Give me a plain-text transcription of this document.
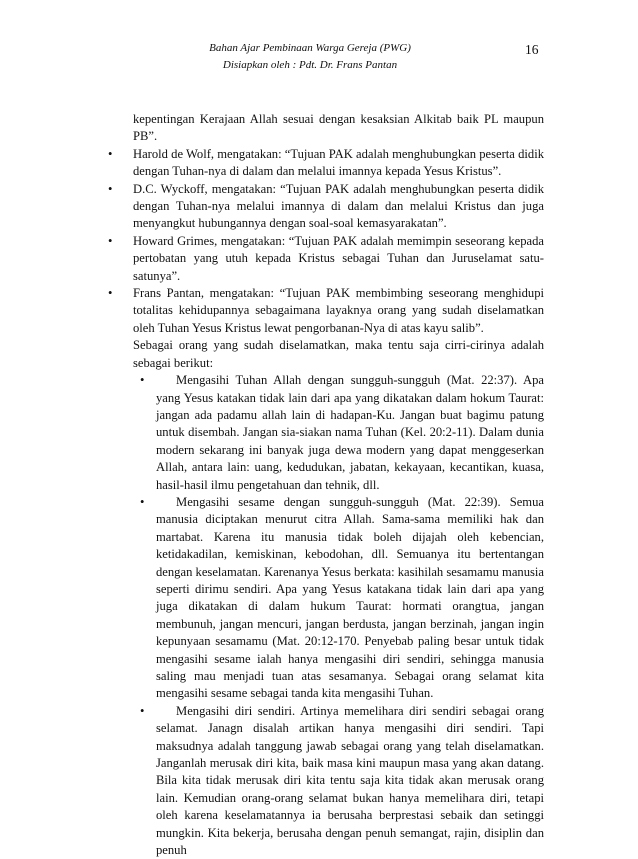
Bahan Ajar Pembinaan Warga Gereja (PWG)
Disiapkan oleh : Pdt. Dr. Frans Pantan
16

kepentingan Kerajaan Allah sesuai dengan kesaksian Alkitab baik PL maupun PB”.

• Harold de Wolf, mengatakan: “Tujuan PAK adalah menghubungkan peserta didik dengan Tuhan-nya di dalam dan melalui imannya kepada Yesus Kristus”.
• D.C. Wyckoff, mengatakan: “Tujuan PAK adalah menghubungkan peserta didik dengan Tuhan-nya melalui imannya di dalam dan melalui Kristus dan juga menyangkut hubungannya dengan soal-soal kemasyarakatan”.
• Howard Grimes, mengatakan: “Tujuan PAK adalah memimpin seseorang kepada pertobatan yang utuh kepada Kristus sebagai Tuhan dan Juruselamat satu-satunya”.
• Frans Pantan, mengatakan: “Tujuan PAK membimbing seseorang menghidupi totalitas kehidupannya sebagaimana layaknya orang yang sudah diselamatkan oleh Tuhan Yesus Kristus lewat pengorbanan-Nya di atas kayu salib”.

Sebagai orang yang sudah diselamatkan, maka tentu saja cirri-cirinya adalah sebagai berikut:

•	Mengasihi Tuhan Allah dengan sungguh-sungguh (Mat. 22:37). Apa yang Yesus katakan tidak lain dari apa yang dikatakan dalam hokum Taurat: jangan ada padamu allah lain di hadapan-Ku. Jangan buat bagimu patung untuk disembah. Jangan sia-siakan nama Tuhan (Kel. 20:2-11). Dalam dunia modern sekarang ini banyak juga dewa modern yang dapat menggeserkan Allah, antara lain: uang, kedudukan, jabatan, kekayaan, kecantikan, kuasa, hasil-hasil ilmu pengetahuan dan tehnik, dll.
•	Mengasihi sesame dengan sungguh-sungguh (Mat. 22:39). Semua manusia diciptakan menurut citra Allah. Sama-sama memiliki hak dan martabat. Karena itu manusia tidak boleh dijajah oleh kebencian, ketidakadilan, kemiskinan, kebodohan, dll. Semuanya itu bertentangan dengan keselamatan. Karenanya Yesus berkata: kasihilah sesamamu manusia seperti dirimu sendiri. Apa yang Yesus katakana tidak lain dari apa yang juga dikatakan di dalam hukum Taurat: hormati orangtua, jangan membunuh, jangan mencuri, jangan berdusta, jangan berzinah, jangan ingin kepunyaan sesamamu (Mat. 20:12-170. Penyebab paling besar untuk tidak mengasihi sesame ialah hanya mengasihi diri sendiri, sehingga manusia saling mau menjadi tuan atas sesamanya. Sebagai orang selamat kita mengasihi sesame sebagai tanda kita mengasihi Tuhan.
•	Mengasihi diri sendiri. Artinya memelihara diri sendiri sebagai orang selamat. Janagn disalah artikan hanya mengasihi diri sendiri. Tapi maksudnya adalah tanggung jawab sebagai orang yang telah diselamatkan. Janganlah merusak diri kita, baik masa kini maupun masa yang akan datang. Bila kita tidak merusak diri kita tentu saja kita tidak akan merusak orang lain. Kemudian orang-orang selamat bukan hanya memelihara diri, tetapi oleh karena keselamatannya ia berusaha berprestasi sebaik dan setinggi mungkin. Kita bekerja, berusaha dengan penuh semangat, rajin, disiplin dan penuh
